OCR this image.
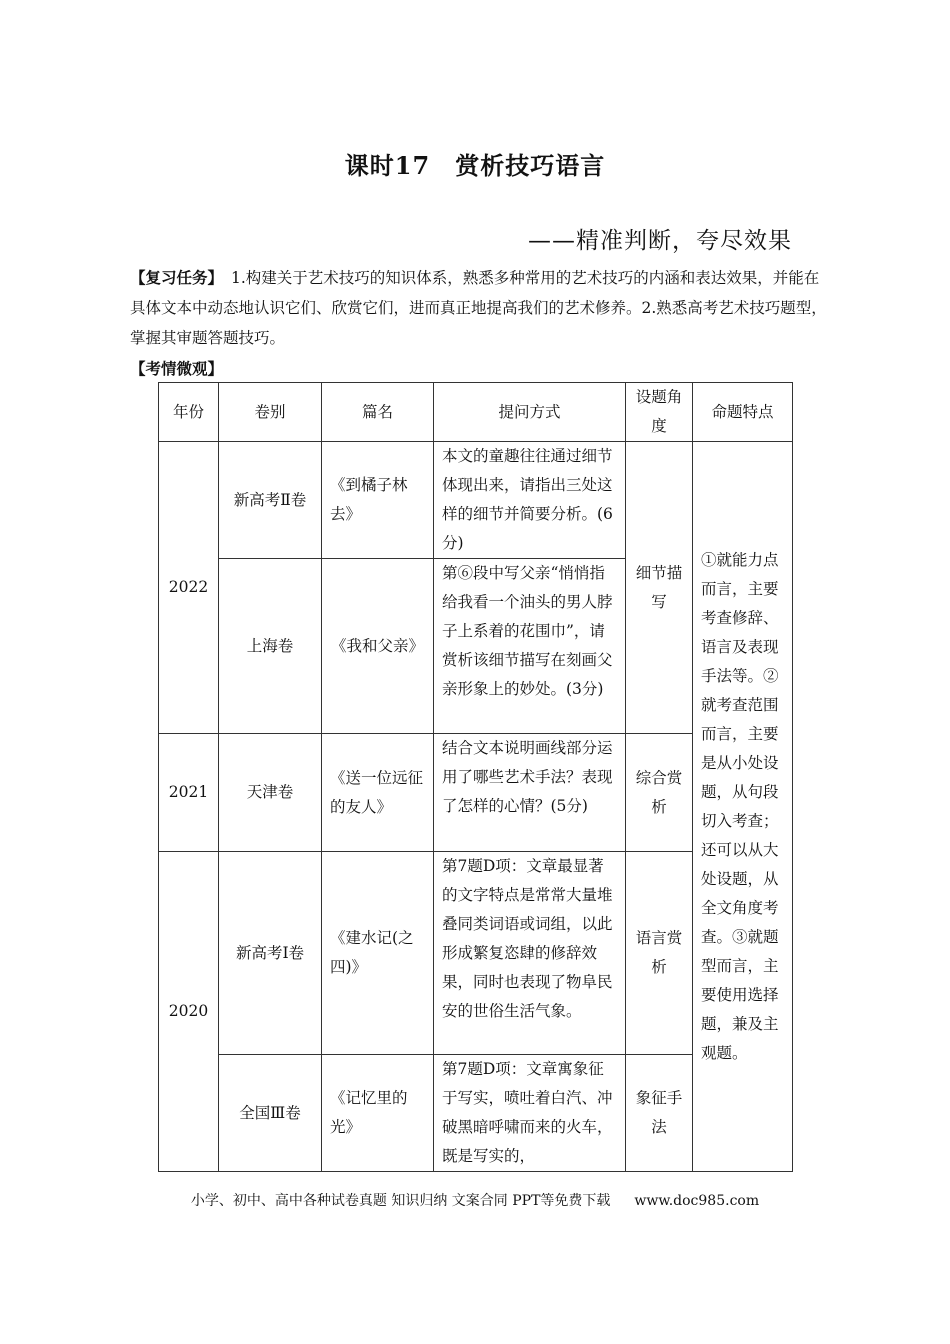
课时17　赏析技巧语言
——精准判断，夸尽效果
【复习任务】 1.构建关于艺术技巧的知识体系，熟悉多种常用的艺术技巧的内涵和表达效果，并能在具体文本中动态地认识它们、欣赏它们，进而真正地提高我们的艺术修养。2.熟悉高考艺术技巧题型，掌握其审题答题技巧。
【考情微观】
年份	卷别	篇名	提问方式	设题角度	命题特点
2022	新高考Ⅱ卷	《到橘子林去》	本文的童趣往往通过细节体现出来，请指出三处这样的细节并简要分析。(6分)	细节描写	①就能力点而言，主要考查修辞、语言及表现手法等。②就考查范围而言，主要是从小处设题，从句段切入考查；还可以从大处设题，从全文角度考查。③就题型而言，主要使用选择题，兼及主观题。
	上海卷	《我和父亲》	第⑥段中写父亲“悄悄指给我看一个油头的男人脖子上系着的花围巾”，请赏析该细节描写在刻画父亲形象上的妙处。(3分)		
2021	天津卷	《送一位远征的友人》	结合文本说明画线部分运用了哪些艺术手法？表现了怎样的心情？(5分)	综合赏析	
2020	新高考Ⅰ卷	《建水记(之四)》	第7题D项：文章最显著的文字特点是常常大量堆叠同类词语或词组，以此形成繁复恣肆的修辞效果，同时也表现了物阜民安的世俗生活气象。	语言赏析	
	全国Ⅲ卷	《记忆里的光》	第7题D项：文章寓象征于写实，喷吐着白汽、冲破黑暗呼啸而来的火车，既是写实的，	象征手法	
小学、初中、高中各种试卷真题 知识归纳 文案合同 PPT等免费下载 www.doc985.com
